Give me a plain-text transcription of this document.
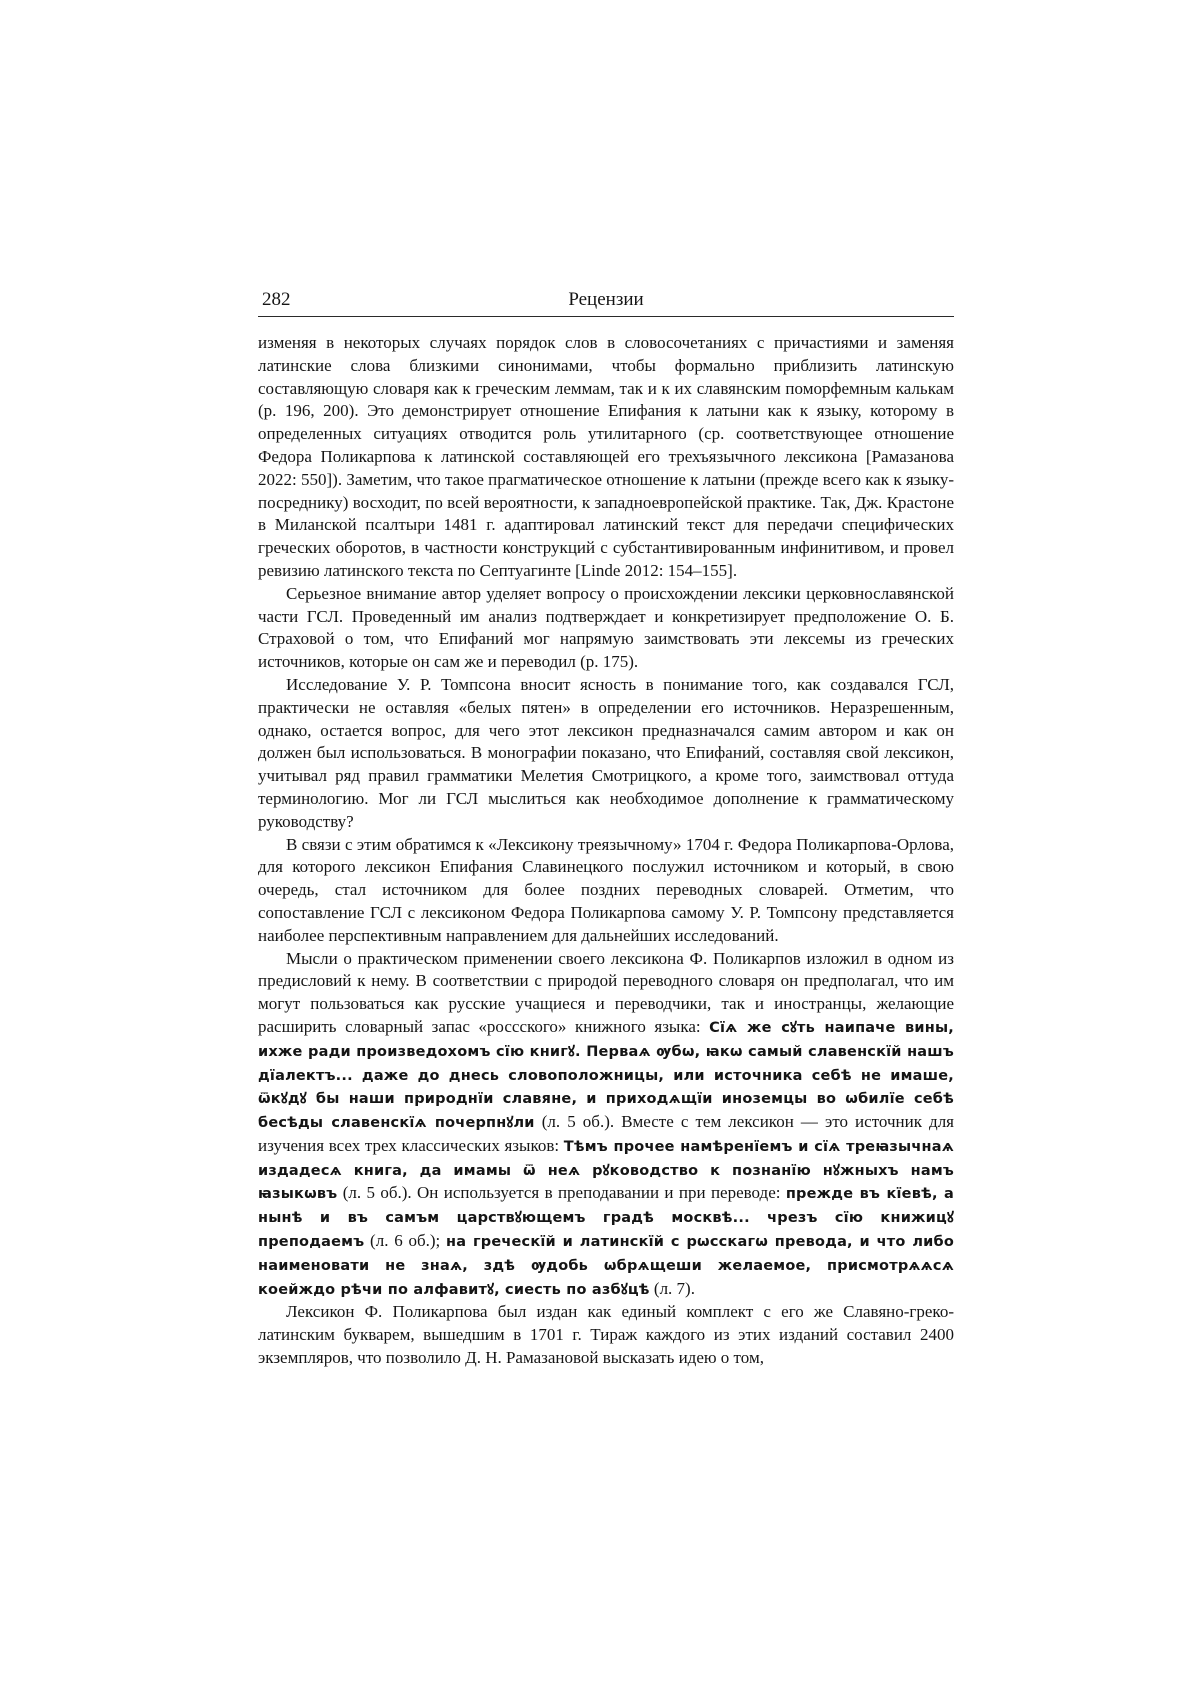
282	Рецензии

изменяя в некоторых случаях порядок слов в словосочетаниях с причастиями и заменяя латинские слова близкими синонимами, чтобы формально приблизить латинскую составляющую словаря как к греческим леммам, так и к их славянским поморфемным калькам (p. 196, 200). Это демонстрирует отношение Епифания к латыни как к языку, которому в определенных ситуациях отводится роль утилитарного (ср. соответствующее отношение Федора Поликарпова к латинской составляющей его трехъязычного лексикона [Рамазанова 2022: 550]). Заметим, что такое прагматическое отношение к латыни (прежде всего как к языку-посреднику) восходит, по всей вероятности, к западноевропейской практике. Так, Дж. Крастоне в Миланской псалтыри 1481 г. адаптировал латинский текст для передачи специфических греческих оборотов, в частности конструкций с субстантивированным инфинитивом, и провел ревизию латинского текста по Септуагинте [Linde 2012: 154–155].

Серьезное внимание автор уделяет вопросу о происхождении лексики церковнославянской части ГСЛ. Проведенный им анализ подтверждает и конкретизирует предположение О. Б. Страховой о том, что Епифаний мог напрямую заимствовать эти лексемы из греческих источников, которые он сам же и переводил (p. 175).

Исследование У. Р. Томпсона вносит ясность в понимание того, как создавался ГСЛ, практически не оставляя «белых пятен» в определении его источников. Неразрешенным, однако, остается вопрос, для чего этот лексикон предназначался самим автором и как он должен был использоваться. В монографии показано, что Епифаний, составляя свой лексикон, учитывал ряд правил грамматики Мелетия Смотрицкого, а кроме того, заимствовал оттуда терминологию. Мог ли ГСЛ мыслиться как необходимое дополнение к грамматическому руководству?

В связи с этим обратимся к «Лексикону треязычному» 1704 г. Федора Поликарпова-Орлова, для которого лексикон Епифания Славинецкого послужил источником и который, в свою очередь, стал источником для более поздних переводных словарей. Отметим, что сопоставление ГСЛ с лексиконом Федора Поликарпова самому У. Р. Томпсону представляется наиболее перспективным направлением для дальнейших исследований.

Мысли о практическом применении своего лексикона Ф. Поликарпов изложил в одном из предисловий к нему. В соответствии с природой переводного словаря он предполагал, что им могут пользоваться как русские учащиеся и переводчики, так и иностранцы, желающие расширить словарный запас «россского» книжного языка: Сїѧ же сꙋть наипаче вины, ихже ради произведохомъ сїю книгꙋ. Перваѧ ѹбѡ, ꙗкѡ самый славенскїй нашъ дїалектъ... даже до днесь словоположницы, или источника себѣ не имаше, ѿкꙋдꙋ бы наши природнїи славяне, и приходѧщїи иноземцы во ѡбилїе себѣ бесѣды славенскїѧ почерпнꙋли (л. 5 об.). Вместе с тем лексикон — это источник для изучения всех трех классических языков: Тѣмъ прочее намѣренїемъ и сїѧ треꙗзычнаѧ издадесѧ книга, да имамы ѿ неѧ рꙋководство к познанїю нꙋжныхъ намъ ꙗзыкѡвъ (л. 5 об.). Он используется в преподавании и при переводе: прежде въ кїевѣ, а нынѣ и въ самъм царствꙋющемъ градѣ москвѣ... чрезъ сїю книжицꙋ преподаемъ (л. 6 об.); на греческїй и латинскїй с рѡсскагѡ превода, и что либо наименовати не знаѧ, здѣ ѹдобь ѡбрѧщеши желаемое, присмотрѧѧсѧ коейждо рѣчи по алфавитꙋ, сиесть по азбꙋцѣ (л. 7).

Лексикон Ф. Поликарпова был издан как единый комплект с его же Славяно-греко-латинским букварем, вышедшим в 1701 г. Тираж каждого из этих изданий составил 2400 экземпляров, что позволило Д. Н. Рамазановой высказать идею о том,
